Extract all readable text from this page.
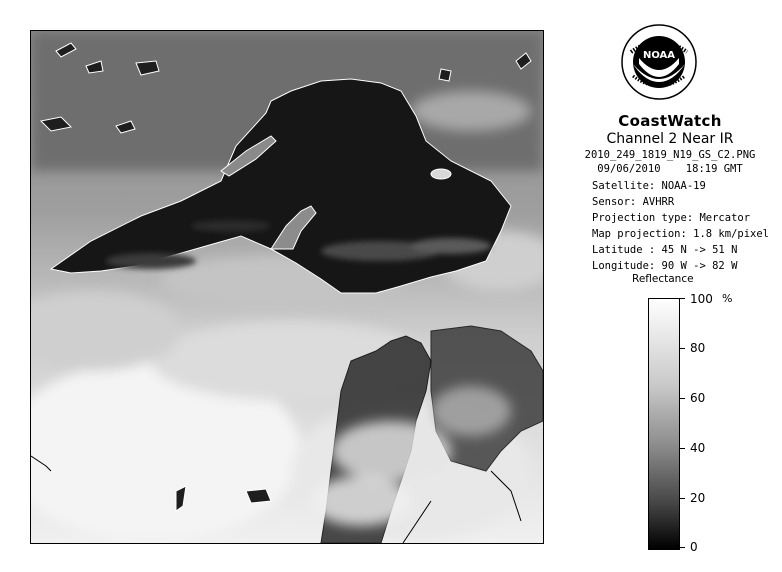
NOAA
CoastWatch
Channel 2 Near IR
2010_249_1819_N19_GS_C2.PNG
09/06/2010    18:19 GMT
Satellite: NOAA-19
Sensor: AVHRR
Projection type: Mercator
Map projection: 1.8 km/pixel
Latitude : 45 N -> 51 N
Longitude: 90 W -> 82 W
Reflectance
%
100
80
60
40
20
0
